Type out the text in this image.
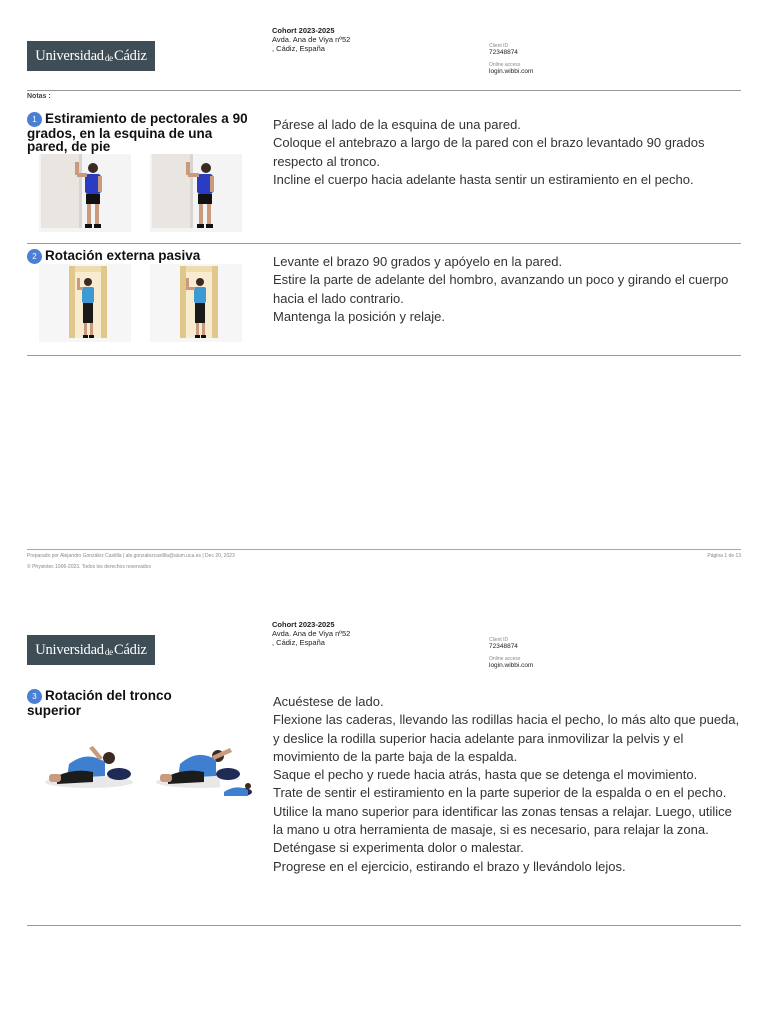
Universidad de Cádiz
Cohort 2023-2025
Avda. Ana de Viya nº52
, Cádiz, España	Client ID
72348874
Online access
login.wibbi.com
Notas :
1 Estiramiento de pectorales a 90 grados, en la esquina de una pared, de pie

Párese al lado de la esquina de una pared.

Coloque el antebrazo a largo de la pared con el brazo levantado 90 grados respecto al tronco.

Incline el cuerpo hacia adelante hasta sentir un estiramiento en el pecho.

2 Rotación externa pasiva	Levante el brazo 90 grados y apóyelo en la pared.

Estire la parte de adelante del hombro, avanzando un poco y girando el cuerpo hacia el lado contrario.

Mantenga la posición y relaje.

Preparado por Alejandro González Castilla | ale.gonzalezcastilla@alum.uca.es | Dec 20, 2023
© Physiotec 1996-2023. Todos los derechos reservados
Página 1 de 13
Universidad de Cádiz
Cohort 2023-2025
Avda. Ana de Viya nº52
, Cádiz, España	Client ID
72348874
Online access
login.wibbi.com
3 Rotación del tronco superior

Acuéstese de lado.

Flexione las caderas, llevando las rodillas hacia el pecho, lo más alto que pueda, y deslice la rodilla superior hacia adelante para inmovilizar la pelvis y el movimiento de la parte baja de la espalda.

Saque el pecho y ruede hacia atrás, hasta que se detenga el movimiento.

Trate de sentir el estiramiento en la parte superior de la espalda o en el pecho.

Utilice la mano superior para identificar las zonas tensas a relajar. Luego, utilice la mano u otra herramienta de masaje, si es necesario, para relajar la zona.

Deténgase si experimenta dolor o malestar.

Progrese en el ejercicio, estirando el brazo y llevándolo lejos.
